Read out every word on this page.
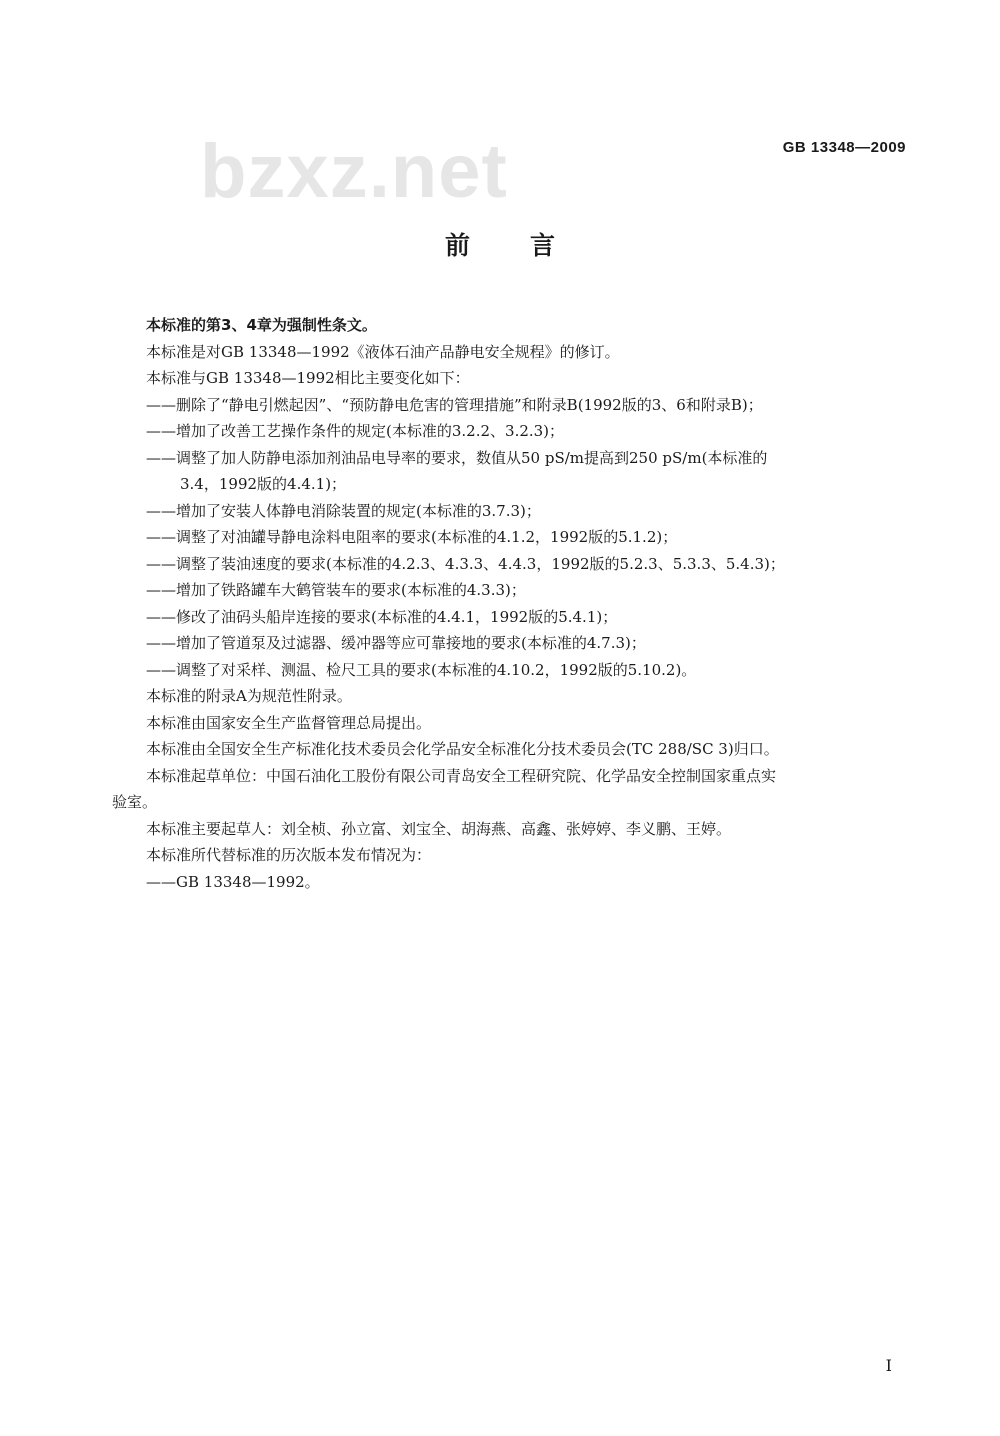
bzxz.net	GB 13348—2009
前言

本标准的第3、4章为强制性条文。

本标准是对GB 13348—1992《液体石油产品静电安全规程》的修订。

本标准与GB 13348—1992相比主要变化如下：

——删除了“静电引燃起因”、“预防静电危害的管理措施”和附录B(1992版的3、6和附录B)；

——增加了改善工艺操作条件的规定(本标准的3.2.2、3.2.3)；

——调整了加人防静电添加剂油品电导率的要求，数值从50 pS/m提高到250 pS/m(本标准的

3.4，1992版的4.4.1)；

——增加了安装人体静电消除装置的规定(本标准的3.7.3)；

——调整了对油罐导静电涂料电阻率的要求(本标准的4.1.2，1992版的5.1.2)；

——调整了装油速度的要求(本标准的4.2.3、4.3.3、4.4.3，1992版的5.2.3、5.3.3、5.4.3)；

——增加了铁路罐车大鹤管装车的要求(本标准的4.3.3)；

——修改了油码头船岸连接的要求(本标准的4.4.1，1992版的5.4.1)；

——增加了管道泵及过滤器、缓冲器等应可靠接地的要求(本标准的4.7.3)；

——调整了对采样、测温、检尺工具的要求(本标准的4.10.2，1992版的5.10.2)。

本标准的附录A为规范性附录。

本标准由国家安全生产监督管理总局提出。

本标准由全国安全生产标准化技术委员会化学品安全标准化分技术委员会(TC 288/SC 3)归口。

本标准起草单位：中国石油化工股份有限公司青岛安全工程研究院、化学品安全控制国家重点实

验室。

本标准主要起草人：刘全桢、孙立富、刘宝全、胡海燕、高鑫、张婷婷、李义鹏、王婷。

本标准所代替标准的历次版本发布情况为：

——GB 13348—1992。

I
